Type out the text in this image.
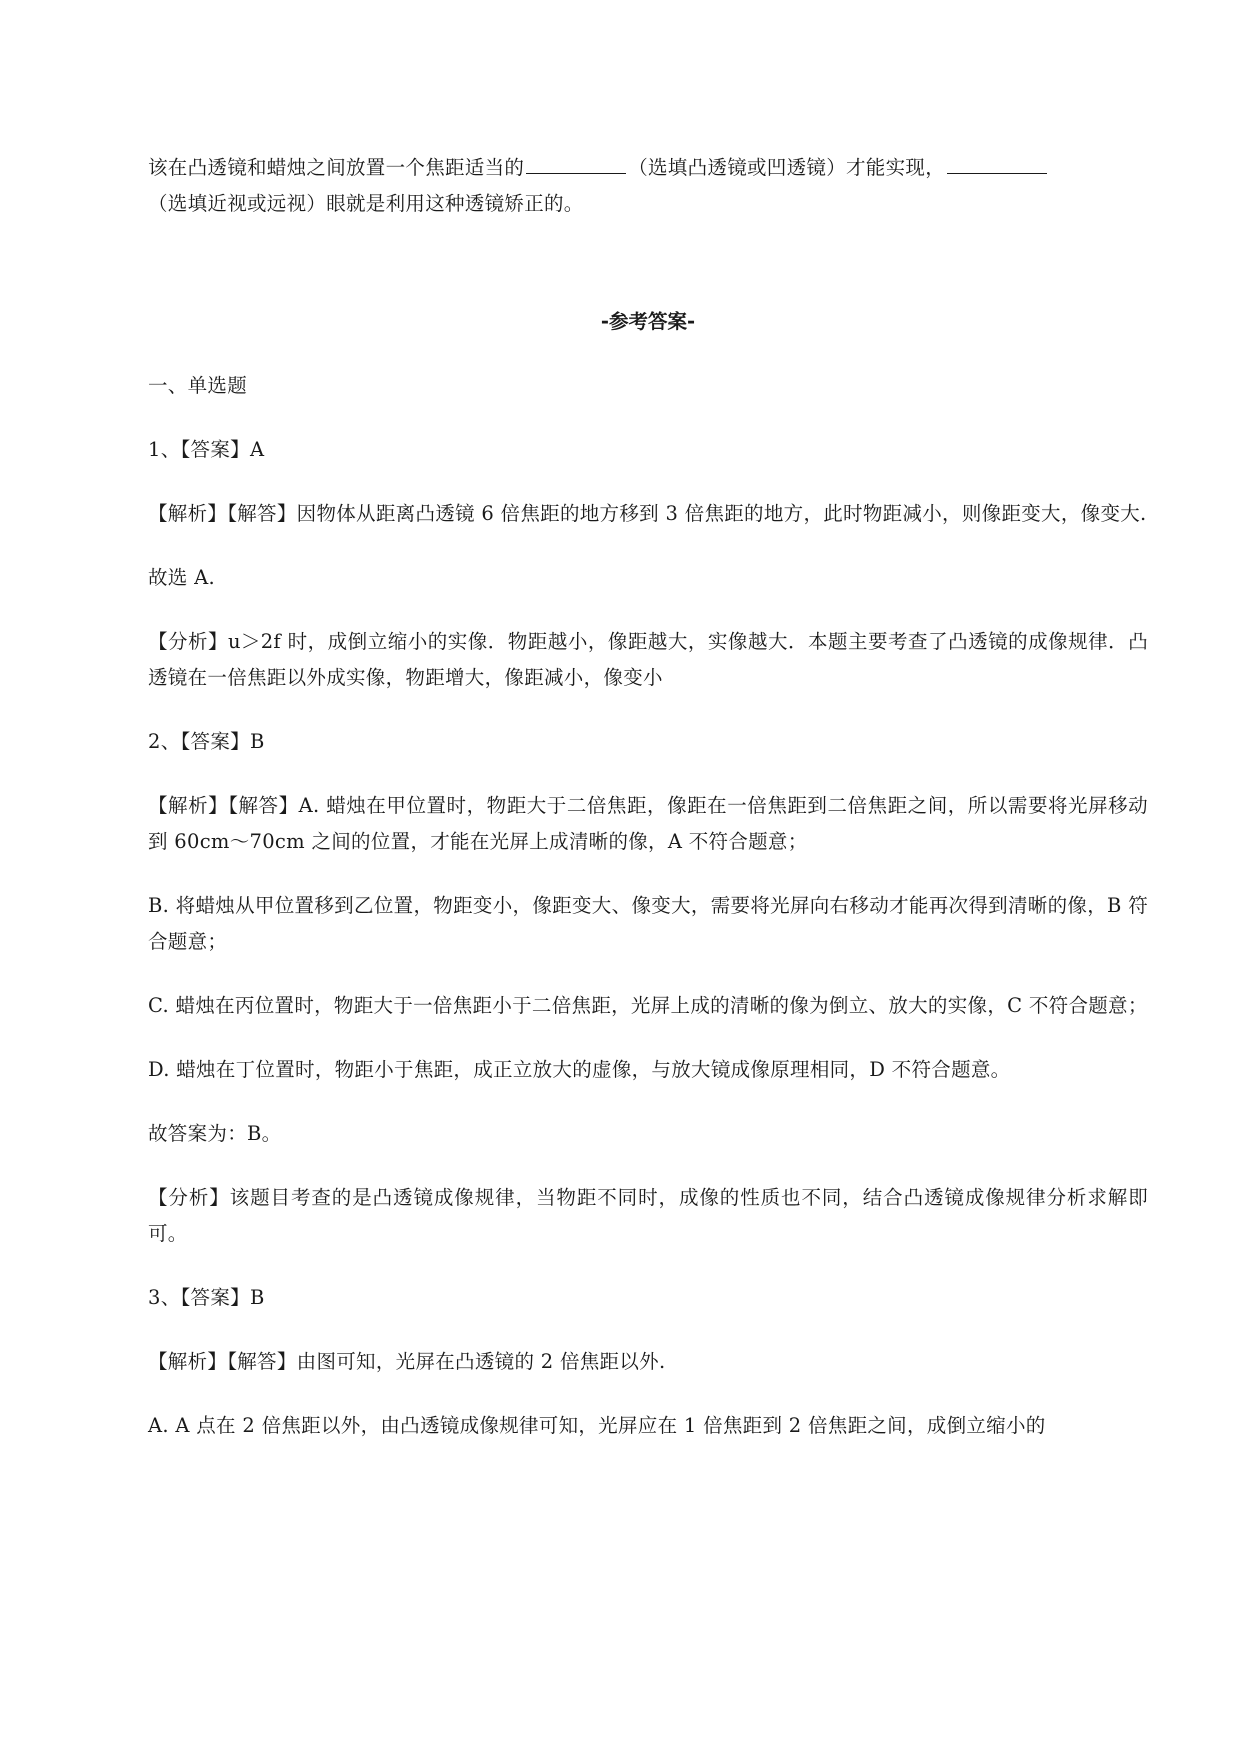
该在凸透镜和蜡烛之间放置一个焦距适当的	（选填凸透镜或凹透镜）才能实现，
（选填近视或远视）眼就是利用这种透镜矫正的。

-参考答案-

一、单选题

1、【答案】A

【解析】【解答】因物体从距离凸透镜 6 倍焦距的地方移到 3 倍焦距的地方，此时物距减小，则像距变大，像变大.

故选 A.

【分析】u＞2f 时，成倒立缩小的实像．物距越小，像距越大，实像越大．本题主要考查了凸透镜的成像规律．凸透镜在一倍焦距以外成实像，物距增大，像距减小，像变小

2、【答案】B

【解析】【解答】A. 蜡烛在甲位置时，物距大于二倍焦距，像距在一倍焦距到二倍焦距之间，所以需要将光屏移动到 60cm～70cm 之间的位置，才能在光屏上成清晰的像，A 不符合题意；

B. 将蜡烛从甲位置移到乙位置，物距变小，像距变大、像变大，需要将光屏向右移动才能再次得到清晰的像，B 符合题意；

C. 蜡烛在丙位置时，物距大于一倍焦距小于二倍焦距，光屏上成的清晰的像为倒立、放大的实像，C 不符合题意；

D. 蜡烛在丁位置时，物距小于焦距，成正立放大的虚像，与放大镜成像原理相同，D 不符合题意。

故答案为：B。

【分析】该题目考查的是凸透镜成像规律，当物距不同时，成像的性质也不同，结合凸透镜成像规律分析求解即可。

3、【答案】B

【解析】【解答】由图可知，光屏在凸透镜的 2 倍焦距以外.

A. A 点在 2 倍焦距以外，由凸透镜成像规律可知，光屏应在 1 倍焦距到 2 倍焦距之间，成倒立缩小的
